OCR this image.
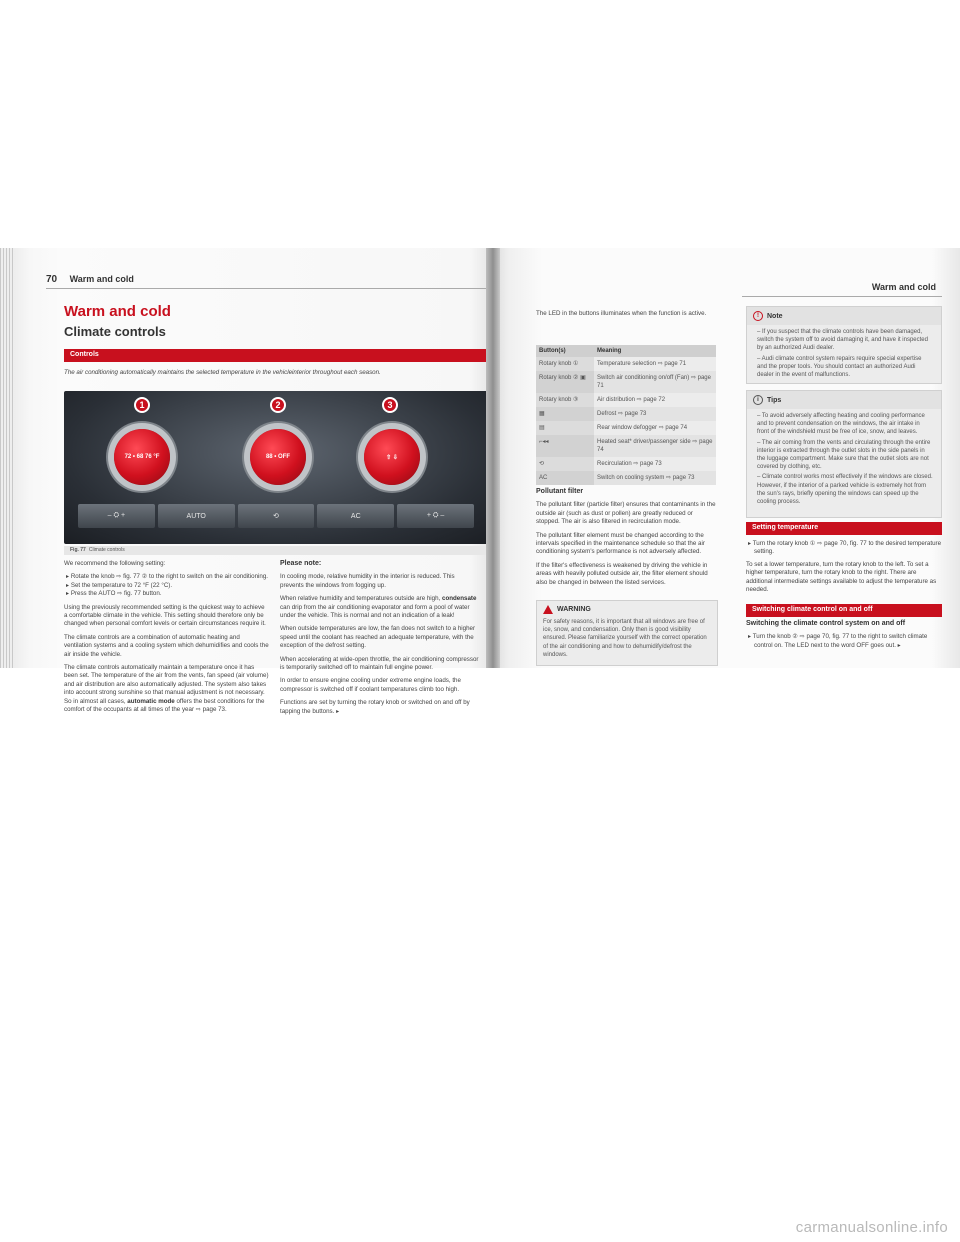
70 Warm and cold
Warm and cold
Climate controls
Controls
The air conditioning automatically maintains the selected temperature in the vehicleinterior throughout each season.
72 • 68 76 °F	88 • OFF	⇧ ⇩
1	2	3
– ⛭ +	AUTO	⟲	AC	+ ⛭ –
Fig. 77 Climate controls

We recommend the following setting:

▸ Rotate the knob ⇨ fig. 77 ② to the right to switch on the air conditioning.

▸ Set the temperature to 72 °F (22 °C).

▸ Press the AUTO ⇨ fig. 77 button.

Using the previously recommended setting is the quickest way to achieve a comfortable climate in the vehicle. This setting should therefore only be changed when personal comfort levels or certain circumstances require it.

The climate controls are a combination of automatic heating and ventilation systems and a cooling system which dehumidifies and cools the air inside the vehicle.

The climate controls automatically maintain a temperature once it has been set. The temperature of the air from the vents, fan speed (air volume) and air distribution are also automatically adjusted. The system also takes into account strong sunshine so that manual adjustment is not necessary. So in almost all cases, automatic mode offers the best conditions for the comfort of the occupants at all times of the year ⇨ page 73.

Please note:

In cooling mode, relative humidity in the interior is reduced. This prevents the windows from fogging up.

When relative humidity and temperatures outside are high, condensate can drip from the air conditioning evaporator and form a pool of water under the vehicle. This is normal and not an indication of a leak!

When outside temperatures are low, the fan does not switch to a higher speed until the coolant has reached an adequate temperature, with the exception of the defrost setting.

When accelerating at wide-open throttle, the air conditioning compressor is temporarily switched off to maintain full engine power.

In order to ensure engine cooling under extreme engine loads, the compressor is switched off if coolant temperatures climb too high.

Functions are set by turning the rotary knob or switched on and off by tapping the buttons. ▸

Warm and cold
The LED in the buttons illuminates when the function is active.
Button(s)	Meaning
Rotary knob ①	Temperature selection ⇨ page 71
Rotary knob ② ▣	Switch air conditioning on/off (Fan) ⇨ page 71
Rotary knob ③	Air distribution ⇨ page 72
▦	Defrost ⇨ page 73
▤	Rear window defogger ⇨ page 74
⌐◂◂	Heated seat* driver/passenger side ⇨ page 74
⟲	Recirculation ⇨ page 73
AC	Switch on cooling system ⇨ page 73

Pollutant filter

The pollutant filter (particle filter) ensures that contaminants in the outside air (such as dust or pollen) are greatly reduced or stopped. The air is also filtered in recirculation mode.

The pollutant filter element must be changed according to the intervals specified in the maintenance schedule so that the air conditioning system's performance is not adversely affected.

If the filter's effectiveness is weakened by driving the vehicle in areas with heavily polluted outside air, the filter element should also be changed in between the listed services.

WARNING
For safety reasons, it is important that all windows are free of ice, snow, and condensation. Only then is good visibility ensured. Please familiarize yourself with the correct operation of the air conditioning and how to dehumidify/defrost the windows.
!	Note

– If you suspect that the climate controls have been damaged, switch the system off to avoid damaging it, and have it inspected by an authorized Audi dealer.

– Audi climate control system repairs require special expertise and the proper tools. You should contact an authorized Audi dealer in the event of malfunctions.

i	Tips

– To avoid adversely affecting heating and cooling performance and to prevent condensation on the windows, the air intake in front of the windshield must be free of ice, snow, and leaves.

– The air coming from the vents and circulating through the entire interior is extracted through the outlet slots in the side panels in the luggage compartment. Make sure that the outlet slots are not covered by clothing, etc.

– Climate control works most effectively if the windows are closed. However, if the interior of a parked vehicle is extremely hot from the sun's rays, briefly opening the windows can speed up the cooling process.

Setting temperature

▸ Turn the rotary knob ① ⇨ page 70, fig. 77 to the desired temperature setting.

To set a lower temperature, turn the rotary knob to the left. To set a higher temperature, turn the rotary knob to the right. There are additional intermediate settings available to adjust the temperature as needed.

Switching climate control on and off

Switching the climate control system on and off

▸ Turn the knob ② ⇨ page 70, fig. 77 to the right to switch climate control on. The LED next to the word OFF goes out. ▸

carmanualsonline.info
